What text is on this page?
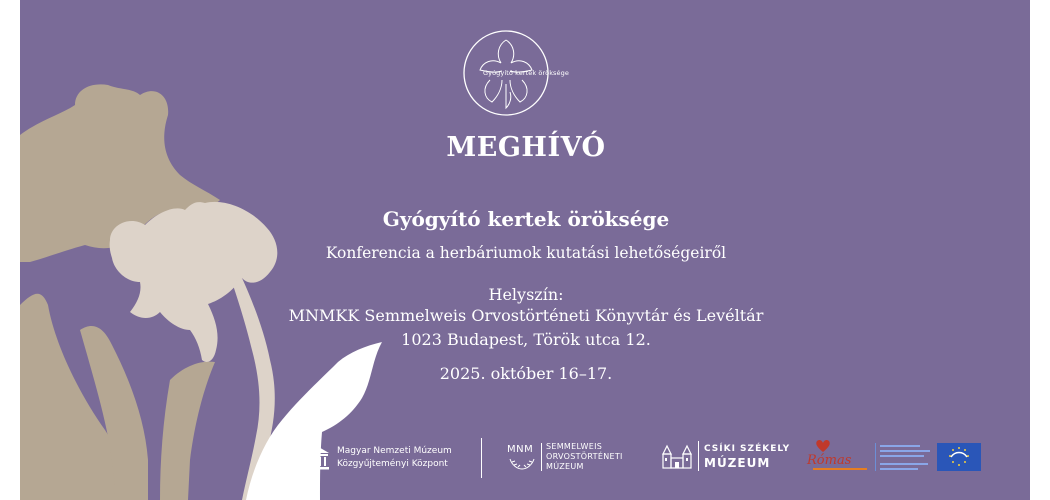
Gyógyító kertek öröksége
MEGHÍVÓ
Gyógyító kertek öröksége
Konferencia a herbáriumok kutatási lehetőségeiről
Helyszín:
MNMKK Semmelweis Orvostörténeti Könyvtár és Levéltár
1023 Budapest, Török utca 12.
2025. október 16–17.
Magyar Nemzeti Múzeum
Közgyűjteményi Központ
MNM SEMMELWEIS
ORVOSTÖRTÉNETI
MÚZEUM
CSÍKI SZÉKELY
MÚZEUM	Rómas
